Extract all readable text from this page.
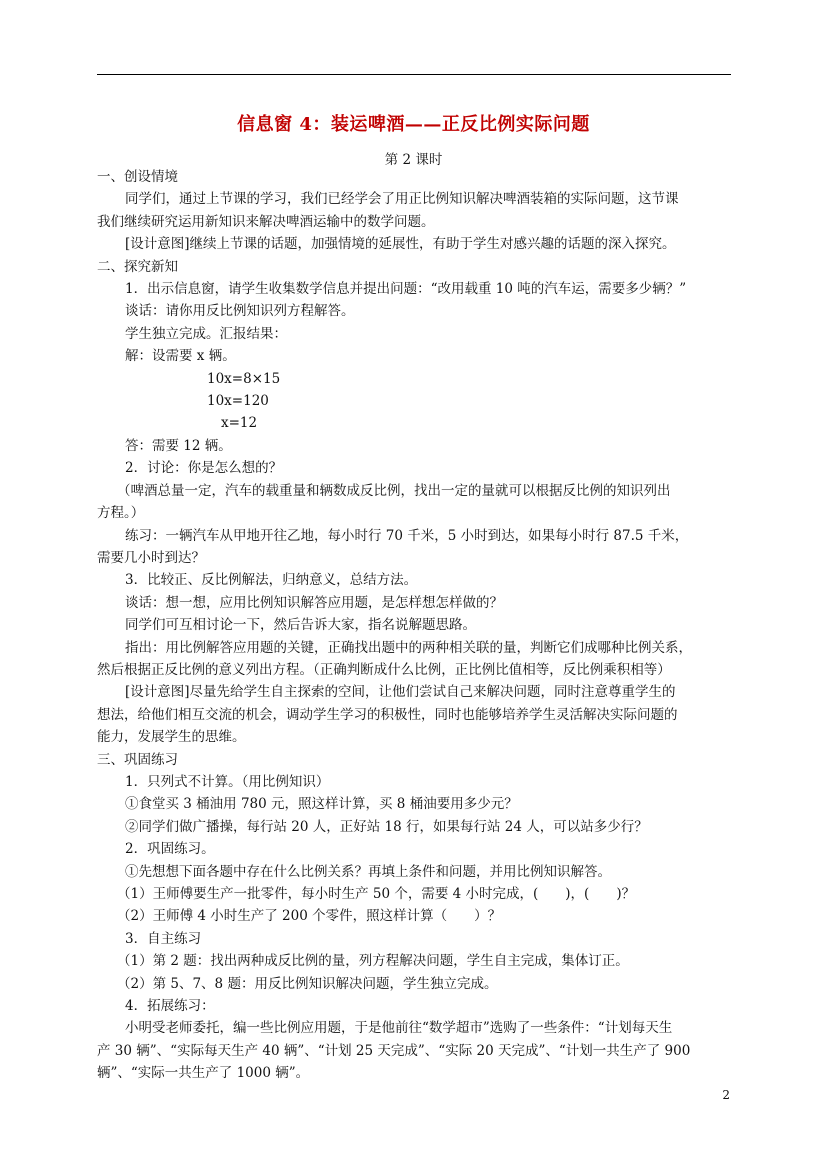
信息窗 4：装运啤酒——正反比例实际问题
第 2 课时

一、创设情境

同学们，通过上节课的学习，我们已经学会了用正比例知识解决啤酒装箱的实际问题，这节课

我们继续研究运用新知识来解决啤酒运输中的数学问题。

[设计意图]继续上节课的话题，加强情境的延展性，有助于学生对感兴趣的话题的深入探究。

二、探究新知

1．出示信息窗，请学生收集数学信息并提出问题：“改用载重 10 吨的汽车运，需要多少辆？”

谈话：请你用反比例知识列方程解答。

学生独立完成。汇报结果：

解：设需要 x 辆。

10x=8×15

10x=120

x=12

答：需要 12 辆。

2．讨论：你是怎么想的？

（啤酒总量一定，汽车的载重量和辆数成反比例，找出一定的量就可以根据反比例的知识列出

方程。）

练习：一辆汽车从甲地开往乙地，每小时行 70 千米，5 小时到达，如果每小时行 87.5 千米，

需要几小时到达？

3．比较正、反比例解法，归纳意义，总结方法。

谈话：想一想，应用比例知识解答应用题，是怎样想怎样做的？

同学们可互相讨论一下，然后告诉大家，指名说解题思路。

指出：用比例解答应用题的关键，正确找出题中的两种相关联的量，判断它们成哪种比例关系，

然后根据正反比例的意义列出方程。（正确判断成什么比例，正比例比值相等，反比例乘积相等）

[设计意图]尽量先给学生自主探索的空间，让他们尝试自己来解决问题，同时注意尊重学生的

想法，给他们相互交流的机会，调动学生学习的积极性，同时也能够培养学生灵活解决实际问题的

能力，发展学生的思维。

三、巩固练习

1．只列式不计算。（用比例知识）

①食堂买 3 桶油用 780 元，照这样计算，买 8 桶油要用多少元？

②同学们做广播操，每行站 20 人，正好站 18 行，如果每行站 24 人，可以站多少行？

2．巩固练习。

①先想想下面各题中存在什么比例关系？再填上条件和问题，并用比例知识解答。

（1）王师傅要生产一批零件，每小时生产 50 个，需要 4 小时完成，(　　)，(　　)？

（2）王师傅 4 小时生产了 200 个零件，照这样计算（　　）？

3．自主练习

（1）第 2 题：找出两种成反比例的量，列方程解决问题，学生自主完成，集体订正。

（2）第 5、7、8 题：用反比例知识解决问题，学生独立完成。

4．拓展练习：

小明受老师委托，编一些比例应用题，于是他前往“数学超市”选购了一些条件：“计划每天生

产 30 辆”、“实际每天生产 40 辆”、“计划 25 天完成”、“实际 20 天完成”、“计划一共生产了 900

辆”、“实际一共生产了 1000 辆”。

2
